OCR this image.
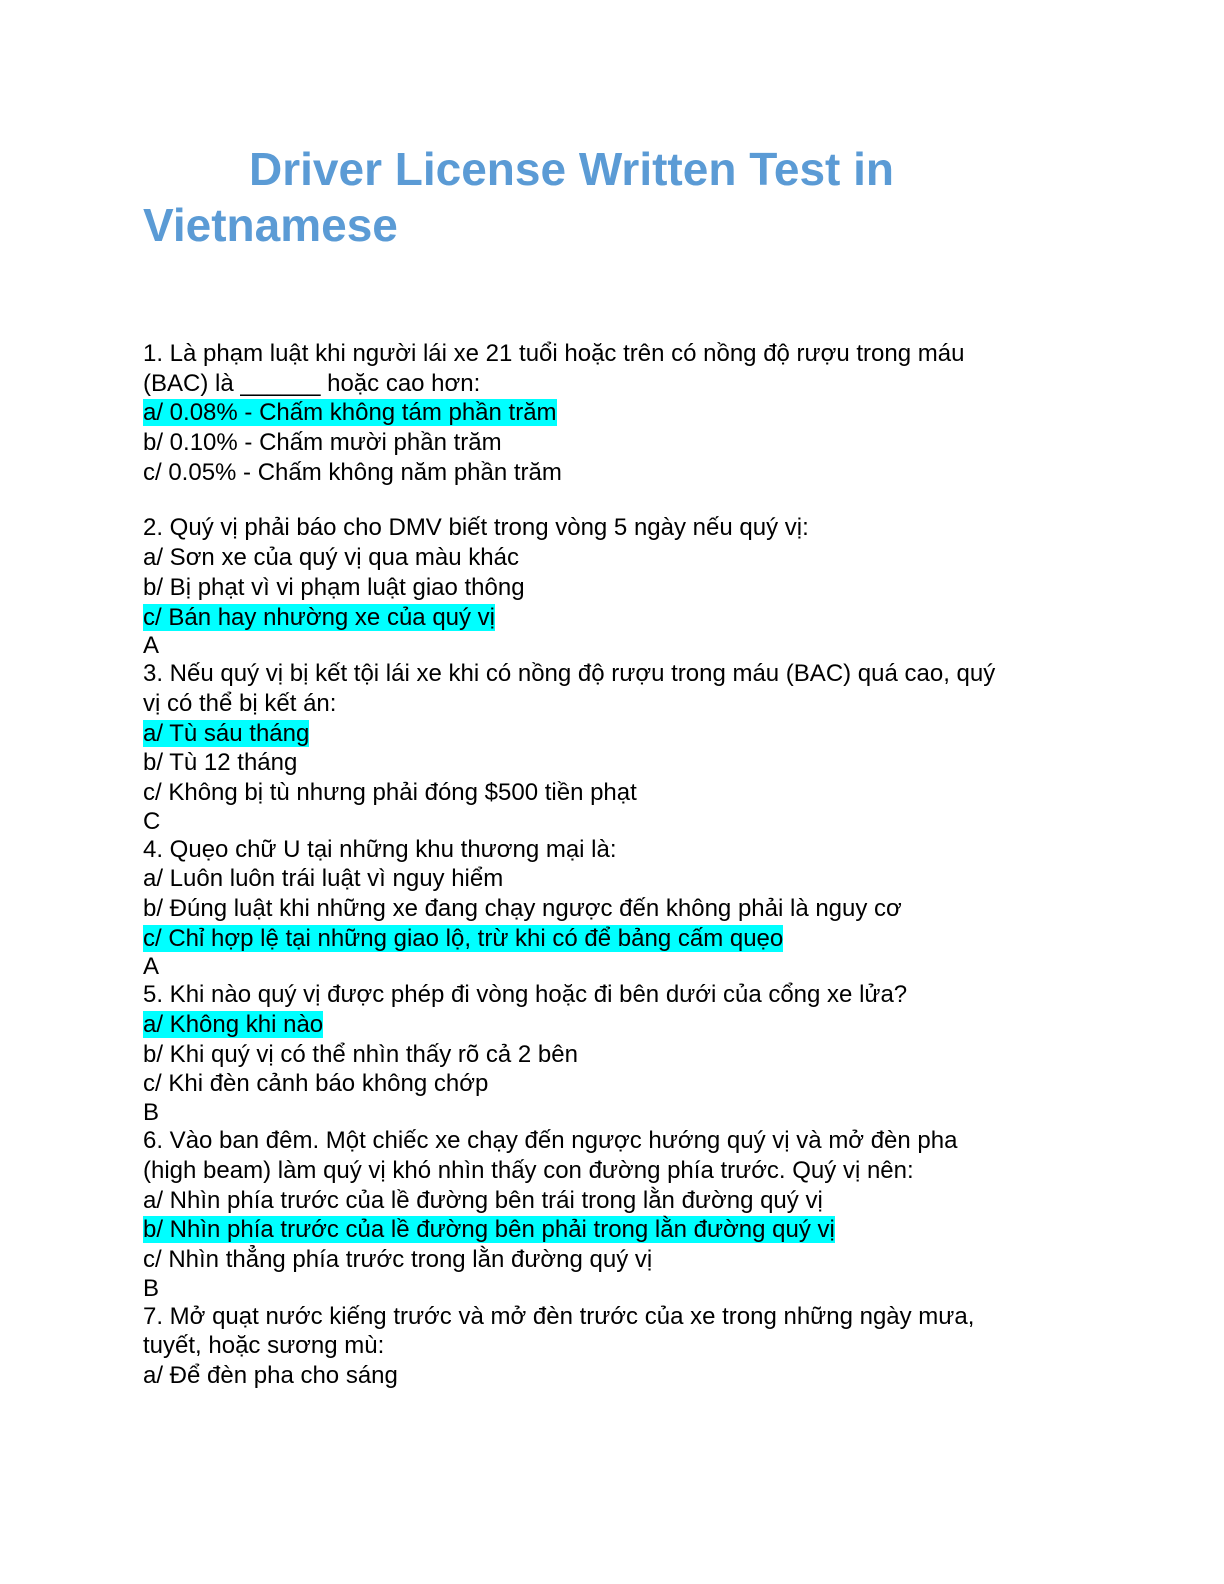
Driver License Written Test in
Vietnamese
1. Là phạm luật khi người lái xe 21 tuổi hoặc trên có nồng độ rượu trong máu
(BAC) là ______ hoặc cao hơn:
a/ 0.08% - Chấm không tám phần trăm
b/ 0.10% - Chấm mười phần trăm
c/ 0.05% - Chấm không năm phần trăm
2. Quý vị phải báo cho DMV biết trong vòng 5 ngày nếu quý vị:
a/ Sơn xe của quý vị qua màu khác
b/ Bị phạt vì vi phạm luật giao thông
c/ Bán hay nhường xe của quý vị
A
3. Nếu quý vị bị kết tội lái xe khi có nồng độ rượu trong máu (BAC) quá cao, quý
vị có thể bị kết án:
a/ Tù sáu tháng
b/ Tù 12 tháng
c/ Không bị tù nhưng phải đóng $500 tiền phạt
C
4. Quẹo chữ U tại những khu thương mại là:
a/ Luôn luôn trái luật vì nguy hiểm
b/ Đúng luật khi những xe đang chạy ngược đến không phải là nguy cơ
c/ Chỉ hợp lệ tại những giao lộ, trừ khi có để bảng cấm quẹo
A
5. Khi nào quý vị được phép đi vòng hoặc đi bên dưới của cổng xe lửa?
a/ Không khi nào
b/ Khi quý vị có thể nhìn thấy rõ cả 2 bên
c/ Khi đèn cảnh báo không chớp
B
6. Vào ban đêm. Một chiếc xe chạy đến ngược hướng quý vị và mở đèn pha
(high beam) làm quý vị khó nhìn thấy con đường phía trước. Quý vị nên:
a/ Nhìn phía trước của lề đường bên trái trong lằn đường quý vị
b/ Nhìn phía trước của lề đường bên phải trong lằn đường quý vị
c/ Nhìn thẳng phía trước trong lằn đường quý vị
B
7. Mở quạt nước kiếng trước và mở đèn trước của xe trong những ngày mưa,
tuyết, hoặc sương mù:
a/ Để đèn pha cho sáng
